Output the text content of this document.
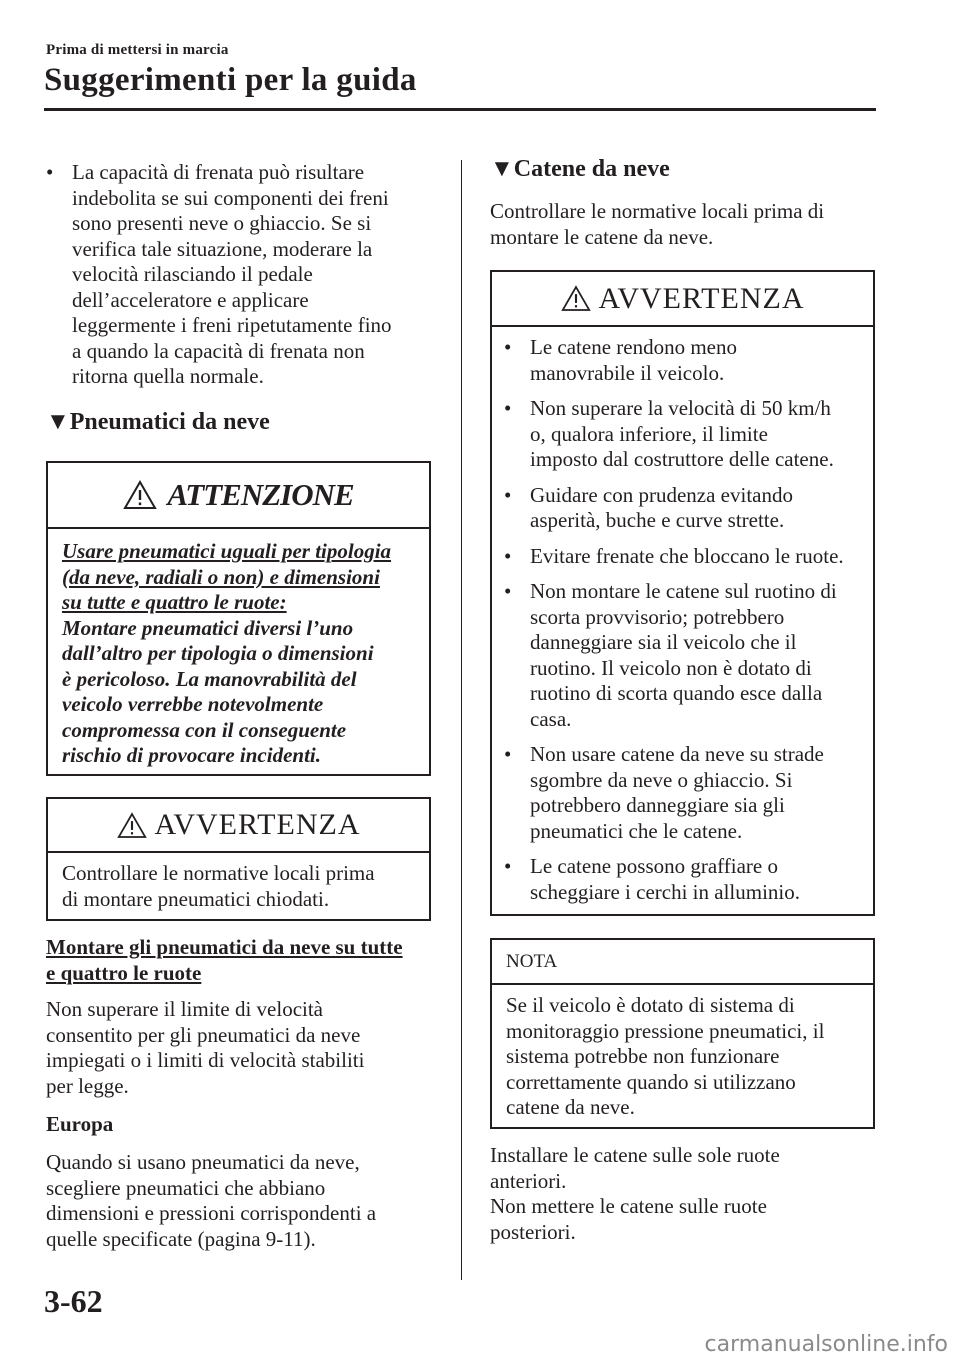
Prima di mettersi in marcia
Suggerimenti per la guida
• La capacità di frenata può risultare
indebolita se sui componenti dei freni
sono presenti neve o ghiaccio. Se si
verifica tale situazione, moderare la
velocità rilasciando il pedale
dell’acceleratore e applicare
leggermente i freni ripetutamente fino
a quando la capacità di frenata non
ritorna quella normale.
▼Pneumatici da neve
ATTENZIONE
Usare pneumatici uguali per tipologia
(da neve, radiali o non) e dimensioni
su tutte e quattro le ruote:
Montare pneumatici diversi l’uno
dall’altro per tipologia o dimensioni
è pericoloso. La manovrabilità del
veicolo verrebbe notevolmente
compromessa con il conseguente
rischio di provocare incidenti.
AVVERTENZA
Controllare le normative locali prima
di montare pneumatici chiodati.
Montare gli pneumatici da neve su tutte
e quattro le ruote
Non superare il limite di velocità
consentito per gli pneumatici da neve
impiegati o i limiti di velocità stabiliti
per legge.
Europa
Quando si usano pneumatici da neve,
scegliere pneumatici che abbiano
dimensioni e pressioni corrispondenti a
quelle specificate (pagina 9-11).
▼Catene da neve
Controllare le normative locali prima di
montare le catene da neve.
AVVERTENZA
• Le catene rendono meno
manovrabile il veicolo.
• Non superare la velocità di 50 km/h
o, qualora inferiore, il limite
imposto dal costruttore delle catene.
• Guidare con prudenza evitando
asperità, buche e curve strette.
• Evitare frenate che bloccano le ruote.
• Non montare le catene sul ruotino di
scorta provvisorio; potrebbero
danneggiare sia il veicolo che il
ruotino. Il veicolo non è dotato di
ruotino di scorta quando esce dalla
casa.
• Non usare catene da neve su strade
sgombre da neve o ghiaccio. Si
potrebbero danneggiare sia gli
pneumatici che le catene.
• Le catene possono graffiare o
scheggiare i cerchi in alluminio.
NOTA
Se il veicolo è dotato di sistema di
monitoraggio pressione pneumatici, il
sistema potrebbe non funzionare
correttamente quando si utilizzano
catene da neve.
Installare le catene sulle sole ruote
anteriori.
Non mettere le catene sulle ruote
posteriori.
3-62
carmanualsonline.info
